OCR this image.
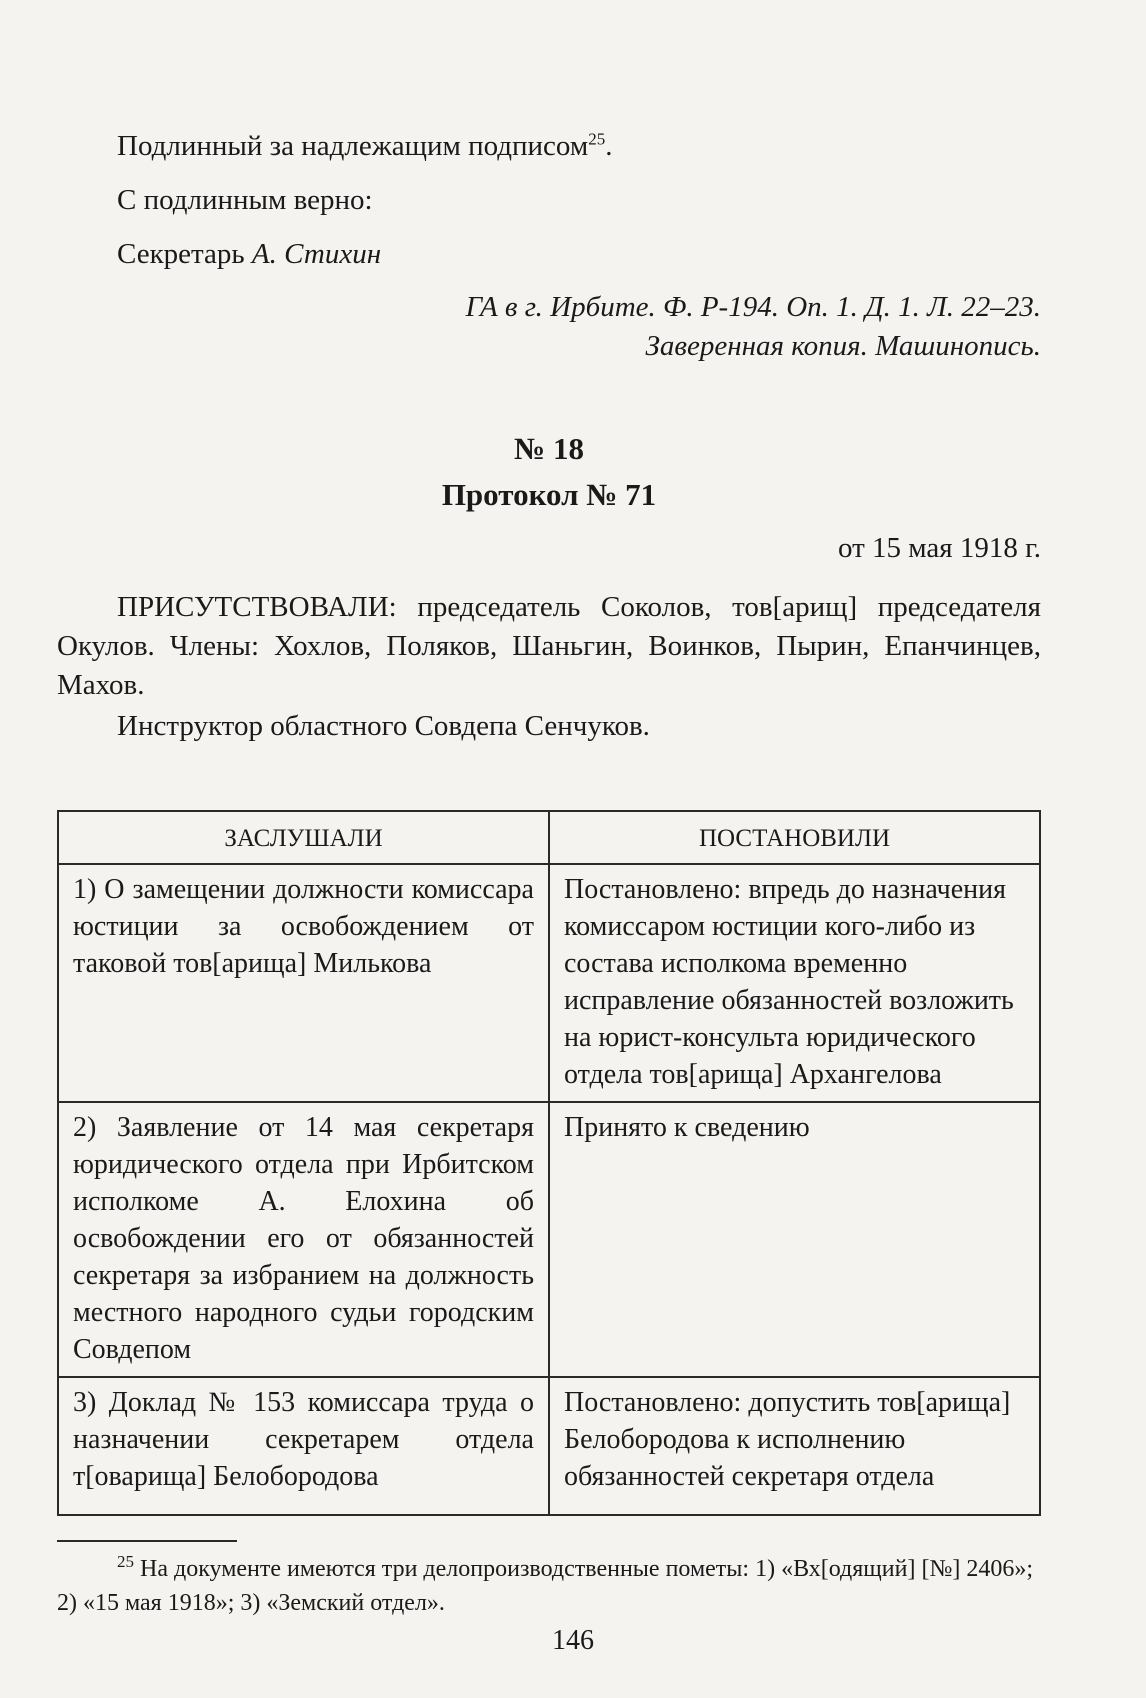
Подлинный за надлежащим подписом$^{25}$.

С подлинным верно:

Секретарь А. Стихин

ГА в г. Ирбите. Ф. Р-194. Оп. 1. Д. 1. Л. 22–23.

Заверенная копия. Машинопись.

№ 18

Протокол № 71

от 15 мая 1918 г.

ПРИСУТСТВОВАЛИ: председатель Соколов, тов[арищ] председателя Окулов. Члены: Хохлов, Поляков, Шаньгин, Воинков, Пырин, Епанчинцев, Махов.

Инструктор областного Совдепа Сенчуков.

ЗАСЛУШАЛИ	ПОСТАНОВИЛИ
1) О замещении должности комиссара юстиции за освобождением от таковой тов[арища] Милькова	Постановлено: впредь до назначения комиссаром юстиции кого-либо из состава исполкома временно исправление обязанностей возложить на юрист-консульта юридического отдела тов[арища] Архангелова
2) Заявление от 14 мая секретаря юридического отдела при Ирбитском исполкоме А. Елохина об освобождении его от обязанностей секретаря за избранием на должность местного народного судьи городским Совдепом	Принято к сведению
3) Доклад № 153 комиссара труда о назначении секретарем отдела т[оварища] Белобородова	Постановлено: допустить тов[арища] Белобородова к исполнению обязанностей секретаря отдела

$^{25}$ На документе имеются три делопроизводственные пометы: 1) «Вх[одящий] [№] 2406»; 2) «15 мая 1918»; 3) «Земский отдел».

146
